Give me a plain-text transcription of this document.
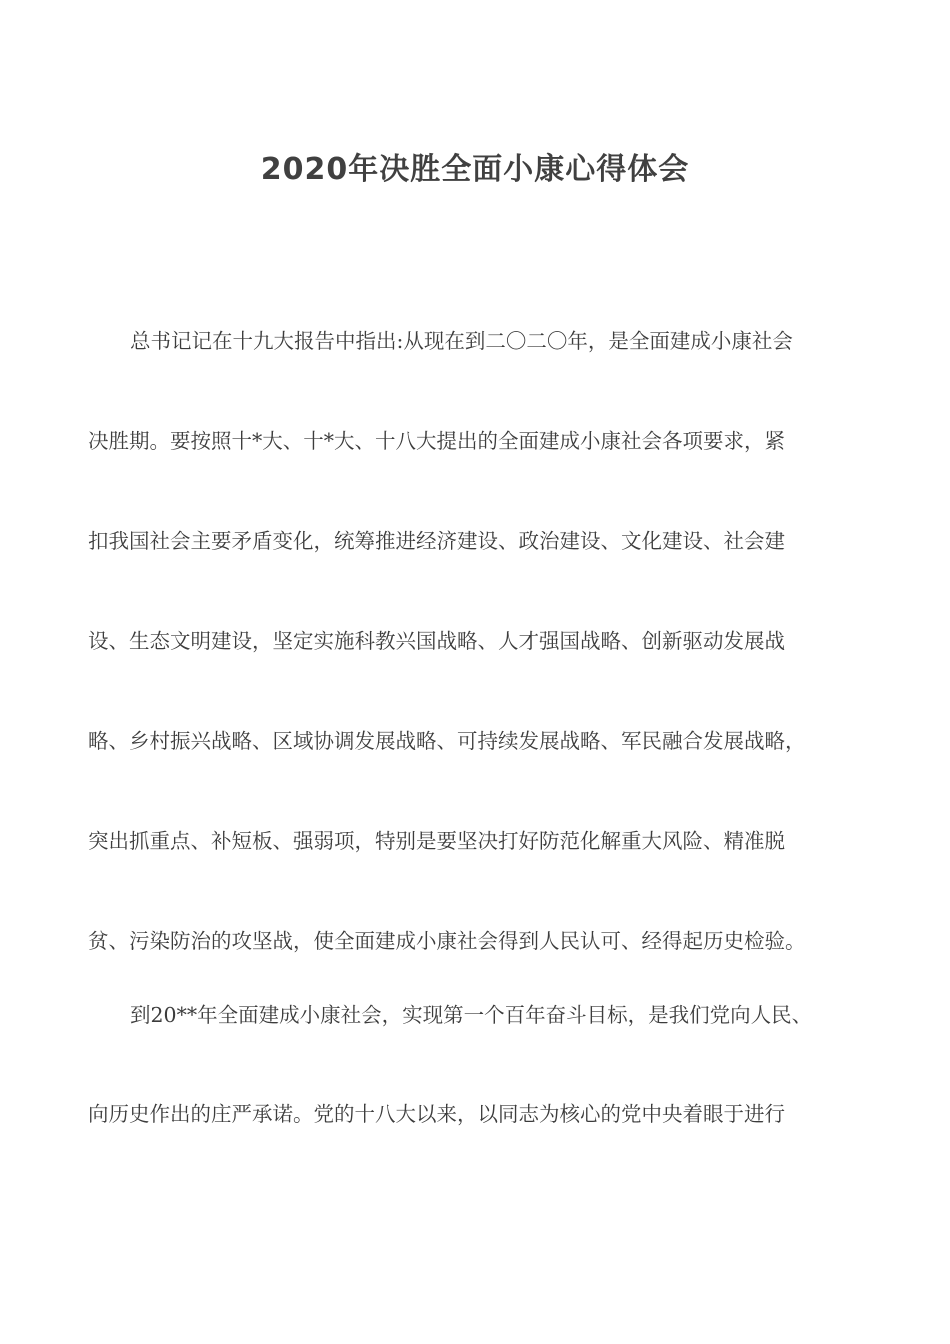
2020年决胜全面小康心得体会

总书记记在十九大报告中指出:从现在到二〇二〇年，是全面建成小康社会

决胜期。要按照十*大、十*大、十八大提出的全面建成小康社会各项要求，紧

扣我国社会主要矛盾变化，统筹推进经济建设、政治建设、文化建设、社会建

设、生态文明建设，坚定实施科教兴国战略、人才强国战略、创新驱动发展战

略、乡村振兴战略、区域协调发展战略、可持续发展战略、军民融合发展战略，

突出抓重点、补短板、强弱项，特别是要坚决打好防范化解重大风险、精准脱

贫、污染防治的攻坚战，使全面建成小康社会得到人民认可、经得起历史检验。

到20**年全面建成小康社会，实现第一个百年奋斗目标，是我们党向人民、

向历史作出的庄严承诺。党的十八大以来，以同志为核心的党中央着眼于进行
